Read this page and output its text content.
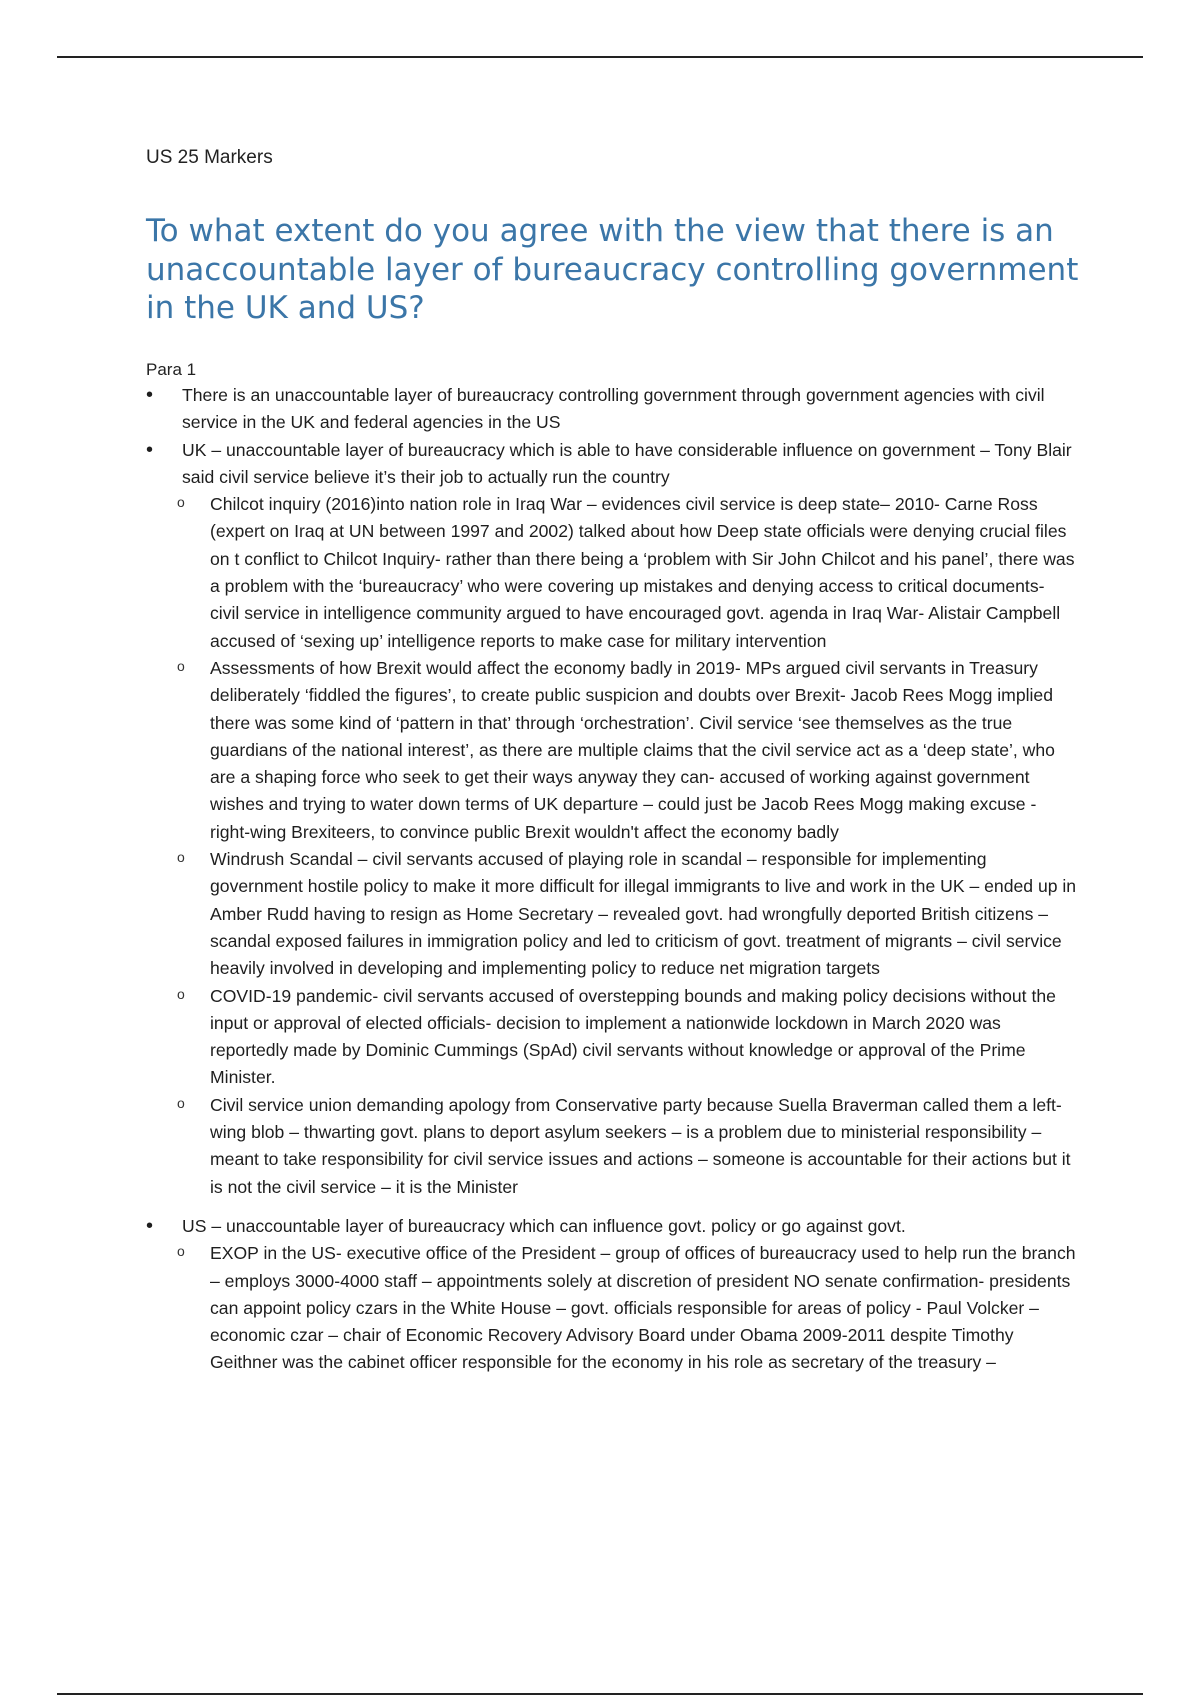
US 25 Markers
To what extent do you agree with the view that there is an unaccountable layer of bureaucracy controlling government in the UK and US?
Para 1

• There is an unaccountable layer of bureaucracy controlling government through government agencies with civil service in the UK and federal agencies in the US

• UK – unaccountable layer of bureaucracy which is able to have considerable influence on government – Tony Blair said civil service believe it’s their job to actually run the country

o Chilcot inquiry (2016)into nation role in Iraq War – evidences civil service is deep state– 2010- Carne Ross (expert on Iraq at UN between 1997 and 2002) talked about how Deep state officials were denying crucial files on t conflict to Chilcot Inquiry- rather than there being a ‘problem with Sir John Chilcot and his panel’, there was a problem with the ‘bureaucracy’ who were covering up mistakes and denying access to critical documents- civil service in intelligence community argued to have encouraged govt. agenda in Iraq War- Alistair Campbell accused of ‘sexing up’ intelligence reports to make case for military intervention

o Assessments of how Brexit would affect the economy badly in 2019- MPs argued civil servants in Treasury deliberately ‘fiddled the figures’, to create public suspicion and doubts over Brexit- Jacob Rees Mogg implied there was some kind of ‘pattern in that’ through ‘orchestration’. Civil service ‘see themselves as the true guardians of the national interest’, as there are multiple claims that the civil service act as a ‘deep state’, who are a shaping force who seek to get their ways anyway they can- accused of working against government wishes and trying to water down terms of UK departure – could just be Jacob Rees Mogg making excuse - right-wing Brexiteers, to convince public Brexit wouldn't affect the economy badly

o Windrush Scandal – civil servants accused of playing role in scandal – responsible for implementing government hostile policy to make it more difficult for illegal immigrants to live and work in the UK – ended up in Amber Rudd having to resign as Home Secretary – revealed govt. had wrongfully deported British citizens – scandal exposed failures in immigration policy and led to criticism of govt. treatment of migrants – civil service heavily involved in developing and implementing policy to reduce net migration targets

o COVID-19 pandemic- civil servants accused of overstepping bounds and making policy decisions without the input or approval of elected officials- decision to implement a nationwide lockdown in March 2020 was reportedly made by Dominic Cummings (SpAd) civil servants without knowledge or approval of the Prime Minister.

o Civil service union demanding apology from Conservative party because Suella Braverman called them a left-wing blob – thwarting govt. plans to deport asylum seekers – is a problem due to ministerial responsibility – meant to take responsibility for civil service issues and actions – someone is accountable for their actions but it is not the civil service – it is the Minister

• US – unaccountable layer of bureaucracy which can influence govt. policy or go against govt.

o EXOP in the US- executive office of the President – group of offices of bureaucracy used to help run the branch – employs 3000-4000 staff – appointments solely at discretion of president NO senate confirmation- presidents can appoint policy czars in the White House – govt. officials responsible for areas of policy - Paul Volcker – economic czar – chair of Economic Recovery Advisory Board under Obama 2009-2011 despite Timothy Geithner was the cabinet officer responsible for the economy in his role as secretary of the treasury –
